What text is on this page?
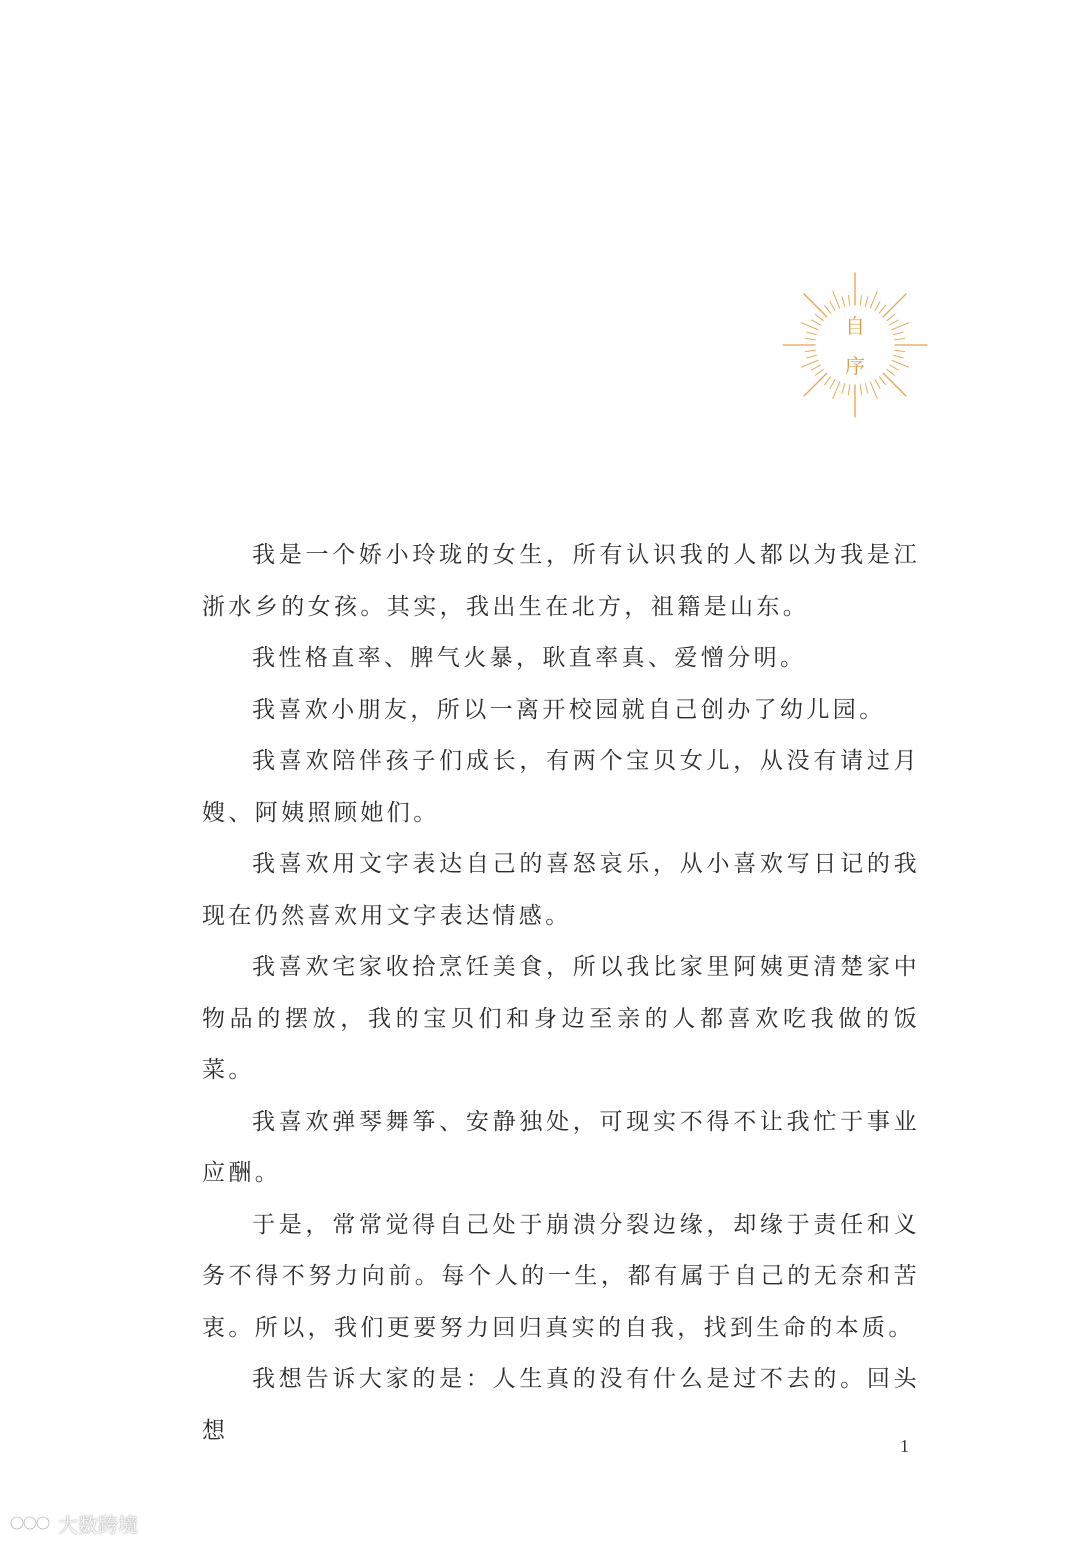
自
序

我是一个娇小玲珑的女生，所有认识我的人都以为我是江浙水乡的女孩。其实，我出生在北方，祖籍是山东。

我性格直率、脾气火暴，耿直率真、爱憎分明。

我喜欢小朋友，所以一离开校园就自己创办了幼儿园。

我喜欢陪伴孩子们成长，有两个宝贝女儿，从没有请过月嫂、阿姨照顾她们。

我喜欢用文字表达自己的喜怒哀乐，从小喜欢写日记的我现在仍然喜欢用文字表达情感。

我喜欢宅家收拾烹饪美食，所以我比家里阿姨更清楚家中物品的摆放，我的宝贝们和身边至亲的人都喜欢吃我做的饭菜。

我喜欢弹琴舞筝、安静独处，可现实不得不让我忙于事业应酬。

于是，常常觉得自己处于崩溃分裂边缘，却缘于责任和义务不得不努力向前。每个人的一生，都有属于自己的无奈和苦衷。所以，我们更要努力回归真实的自我，找到生命的本质。

我想告诉大家的是：人生真的没有什么是过不去的。回头想

1
大数跨境
